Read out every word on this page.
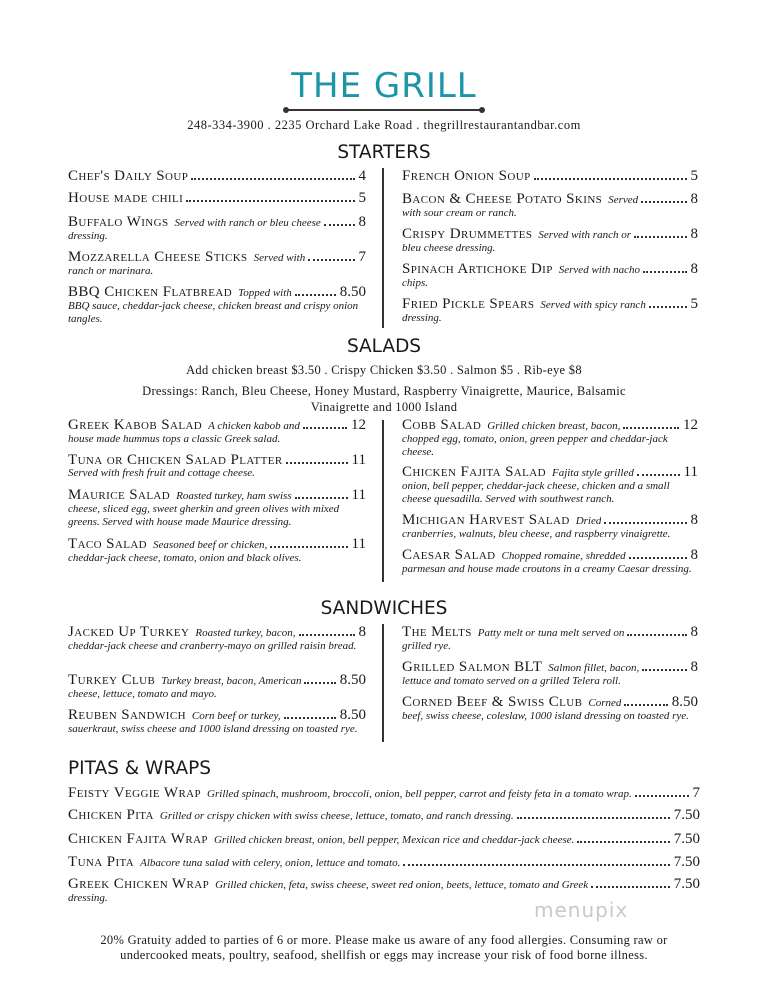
THE GRILL
248-334-3900 . 2235 Orchard Lake Road . thegrillrestaurantandbar.com
STARTERS
SALADS
Add chicken breast $3.50 . Crispy Chicken $3.50 . Salmon $5 . Rib-eye $8
Dressings: Ranch, Bleu Cheese, Honey Mustard, Raspberry Vinaigrette, Maurice, Balsamic Vinaigrette and 1000 Island
SANDWICHES
PITAS & WRAPS
20% Gratuity added to parties of 6 or more. Please make us aware of any food allergies. Consuming raw or undercooked meats, poultry, seafood, shellfish or eggs may increase your risk of food borne illness.
menupix
Chef's Daily Soup	4
House made chili	5
Buffalo Wings Served with ranch or bleu cheese	8
dressing.
Mozzarella Cheese Sticks Served with	7
ranch or marinara.
BBQ Chicken Flatbread Topped with	8.50
BBQ sauce, cheddar-jack cheese, chicken breast and crispy onion tangles.
French Onion Soup	5
Bacon & Cheese Potato Skins Served	8
with sour cream or ranch.
Crispy Drummettes Served with ranch or	8
bleu cheese dressing.
Spinach Artichoke Dip Served with nacho	8
chips.
Fried Pickle Spears Served with spicy ranch	5
dressing.
Greek Kabob Salad A chicken kabob and	12
house made hummus tops a classic Greek salad.
Tuna or Chicken Salad Platter	11
Served with fresh fruit and cottage cheese.
Maurice Salad Roasted turkey, ham swiss	11
cheese, sliced egg, sweet gherkin and green olives with mixed greens. Served with house made Maurice dressing.
Taco Salad Seasoned beef or chicken,	11
cheddar-jack cheese, tomato, onion and black olives.
Cobb Salad Grilled chicken breast, bacon,	12
chopped egg, tomato, onion, green pepper and cheddar-jack cheese.
Chicken Fajita Salad Fajita style grilled	11
onion, bell pepper, cheddar-jack cheese, chicken and a small cheese quesadilla. Served with southwest ranch.
Michigan Harvest Salad Dried	8
cranberries, walnuts, bleu cheese, and raspberry vinaigrette.
Caesar Salad Chopped romaine, shredded	8
parmesan and house made croutons in a creamy Caesar dressing.
Jacked Up Turkey Roasted turkey, bacon,	8
cheddar-jack cheese and cranberry-mayo on grilled raisin bread.
Turkey Club Turkey breast, bacon, American	8.50
cheese, lettuce, tomato and mayo.
Reuben Sandwich Corn beef or turkey,	8.50
sauerkraut, swiss cheese and 1000 island dressing on toasted rye.
The Melts Patty melt or tuna melt served on	8
grilled rye.
Grilled Salmon BLT Salmon fillet, bacon,	8
lettuce and tomato served on a grilled Telera roll.
Corned Beef & Swiss Club Corned	8.50
beef, swiss cheese, coleslaw, 1000 island dressing on toasted rye.
Feisty Veggie Wrap Grilled spinach, mushroom, broccoli, onion, bell pepper, carrot and feisty feta in a tomato wrap.	7
Chicken Pita Grilled or crispy chicken with swiss cheese, lettuce, tomato, and ranch dressing.	7.50
Chicken Fajita Wrap Grilled chicken breast, onion, bell pepper, Mexican rice and cheddar-jack cheese.	7.50
Tuna Pita Albacore tuna salad with celery, onion, lettuce and tomato.	7.50
Greek Chicken Wrap Grilled chicken, feta, swiss cheese, sweet red onion, beets, lettuce, tomato and Greek	7.50
dressing.
